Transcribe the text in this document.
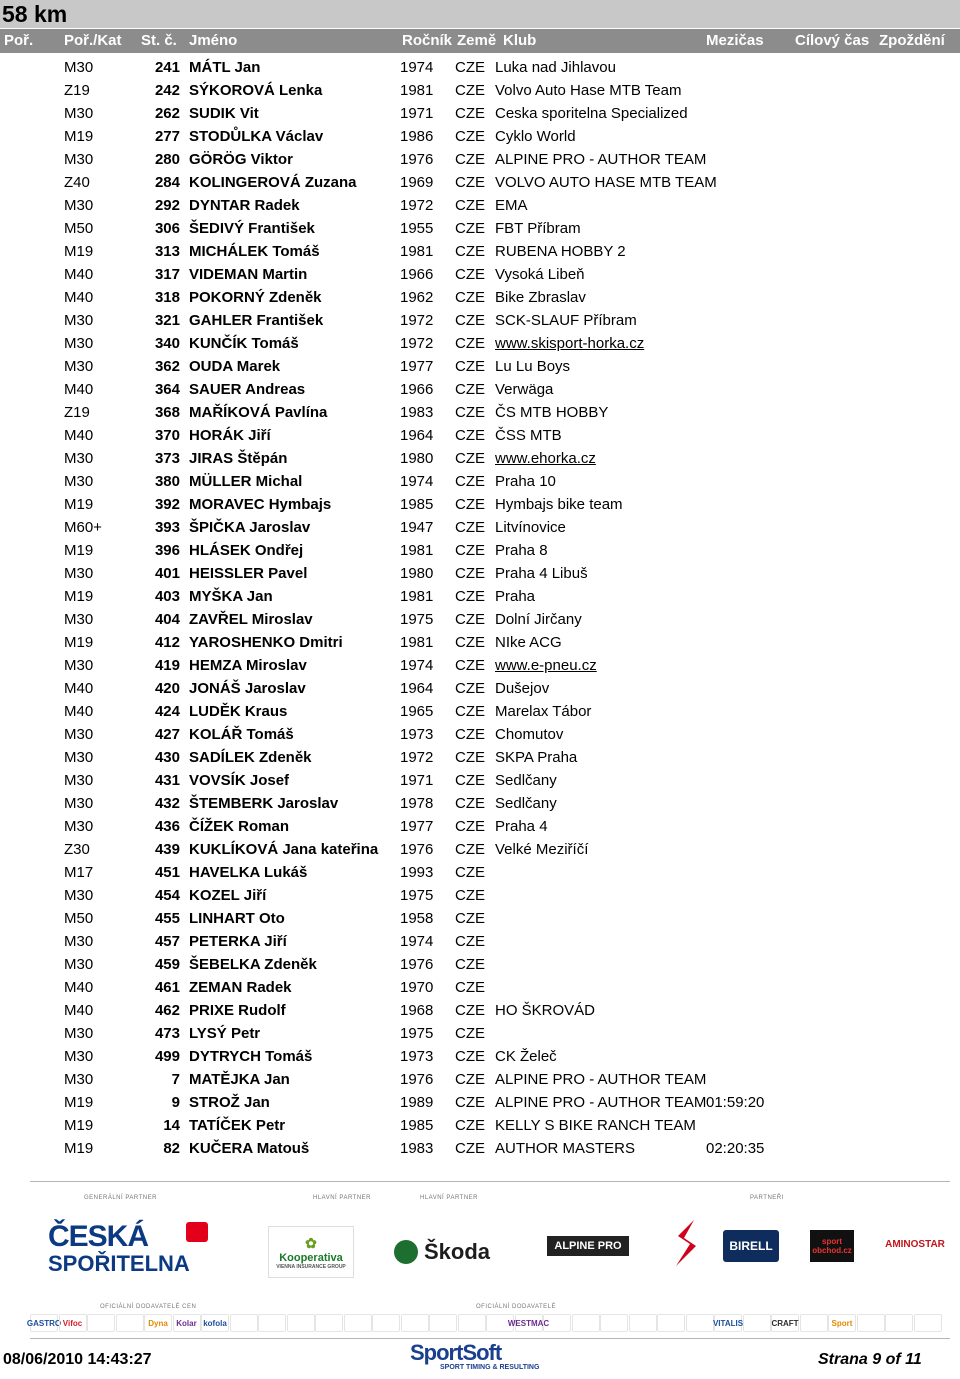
58 km
Poř. Poř./Kat St. č. Jméno	Ročník Země Klub	Mezičas Cílový čas Zpoždění
M30	241 MÁTL Jan	1974 CZE Luka nad Jihlavou
Z19	242 SÝKOROVÁ Lenka	1981 CZE Volvo Auto Hase MTB Team
M30	262 SUDIK Vit	1971 CZE Ceska sporitelna Specialized
M19	277 STODŮLKA Václav	1986 CZE Cyklo World
M30	280 GÖRÖG Viktor	1976 CZE ALPINE PRO - AUTHOR TEAM
Z40	284 KOLINGEROVÁ Zuzana	1969 CZE VOLVO AUTO HASE MTB TEAM
M30	292 DYNTAR Radek	1972 CZE EMA
M50	306 ŠEDIVÝ František	1955 CZE FBT Příbram
M19	313 MICHÁLEK Tomáš	1981 CZE RUBENA HOBBY 2
M40	317 VIDEMAN Martin	1966 CZE Vysoká Libeň
M40	318 POKORNÝ Zdeněk	1962 CZE Bike Zbraslav
M30	321 GAHLER František	1972 CZE SCK-SLAUF Příbram
M30	340 KUNČÍK Tomáš	1972 CZE www.skisport-horka.cz
M30	362 OUDA Marek	1977 CZE Lu Lu Boys
M40	364 SAUER Andreas	1966 CZE Verwäga
Z19	368 MAŘÍKOVÁ Pavlína	1983 CZE ČS MTB HOBBY
M40	370 HORÁK Jiří	1964 CZE ČSS MTB
M30	373 JIRAS Štěpán	1980 CZE www.ehorka.cz
M30	380 MÜLLER Michal	1974 CZE Praha 10
M19	392 MORAVEC Hymbajs	1985 CZE Hymbajs bike team
M60+	393 ŠPIČKA Jaroslav	1947 CZE Litvínovice
M19	396 HLÁSEK Ondřej	1981 CZE Praha 8
M30	401 HEISSLER Pavel	1980 CZE Praha 4 Libuš
M19	403 MYŠKA Jan	1981 CZE Praha
M30	404 ZAVŘEL Miroslav	1975 CZE Dolní Jirčany
M19	412 YAROSHENKO Dmitri	1981 CZE NIke ACG
M30	419 HEMZA Miroslav	1974 CZE www.e-pneu.cz
M40	420 JONÁŠ Jaroslav	1964 CZE Dušejov
M40	424 LUDĚK Kraus	1965 CZE Marelax Tábor
M30	427 KOLÁŘ Tomáš	1973 CZE Chomutov
M30	430 SADÍLEK Zdeněk	1972 CZE SKPA Praha
M30	431 VOVSÍK Josef	1971 CZE Sedlčany
M30	432 ŠTEMBERK Jaroslav	1978 CZE Sedlčany
M30	436 ČÍŽEK Roman	1977 CZE Praha 4
Z30	439 KUKLÍKOVÁ Jana kateřina 1976 CZE Velké Meziříčí
M17	451 HAVELKA Lukáš	1993 CZE
M30	454 KOZEL Jiří	1975 CZE
M50	455 LINHART Oto	1958 CZE
M30	457 PETERKA Jiří	1974 CZE
M30	459 ŠEBELKA Zdeněk	1976 CZE
M40	461 ZEMAN Radek	1970 CZE
M40	462 PRIXE Rudolf	1968 CZE HO ŠKROVÁD
M30	473 LYSÝ Petr	1975 CZE
M30	499 DYTRYCH Tomáš	1973 CZE CK Želeč
M30	7 MATĚJKA Jan	1976 CZE ALPINE PRO - AUTHOR TEAM
M19	9 STROŽ Jan	1989 CZE ALPINE PRO - AUTHOR TEAM 01:59:20
M19	14 TATÍČEK Petr	1985 CZE KELLY S BIKE RANCH TEAM
M19	82 KUČERA Matouš	1983 CZE AUTHOR MASTERS	02:20:35
GENERÁLNÍ PARTNER	HLAVNÍ PARTNER	HLAVNÍ PARTNER	PARTNEŘI
ČESKÁ
SPOŘITELNA
✿
Kooperativa
VIENNA INSURANCE GROUP
Škoda	ALPINE PRO	BIRELL	sport obchod.cz
AMINOSTAR
OFICIÁLNÍ DODAVATELÉ CEN	OFICIÁLNÍ DODAVATELÉ
GASTRO Vifoc	Dyna	Kolar kofola	WESTMAC	VITALIS	CRAFT	Sport
08/06/2010 14:43:27	SportSoft
SPORT TIMING & RESULTING	Strana 9 of 11
